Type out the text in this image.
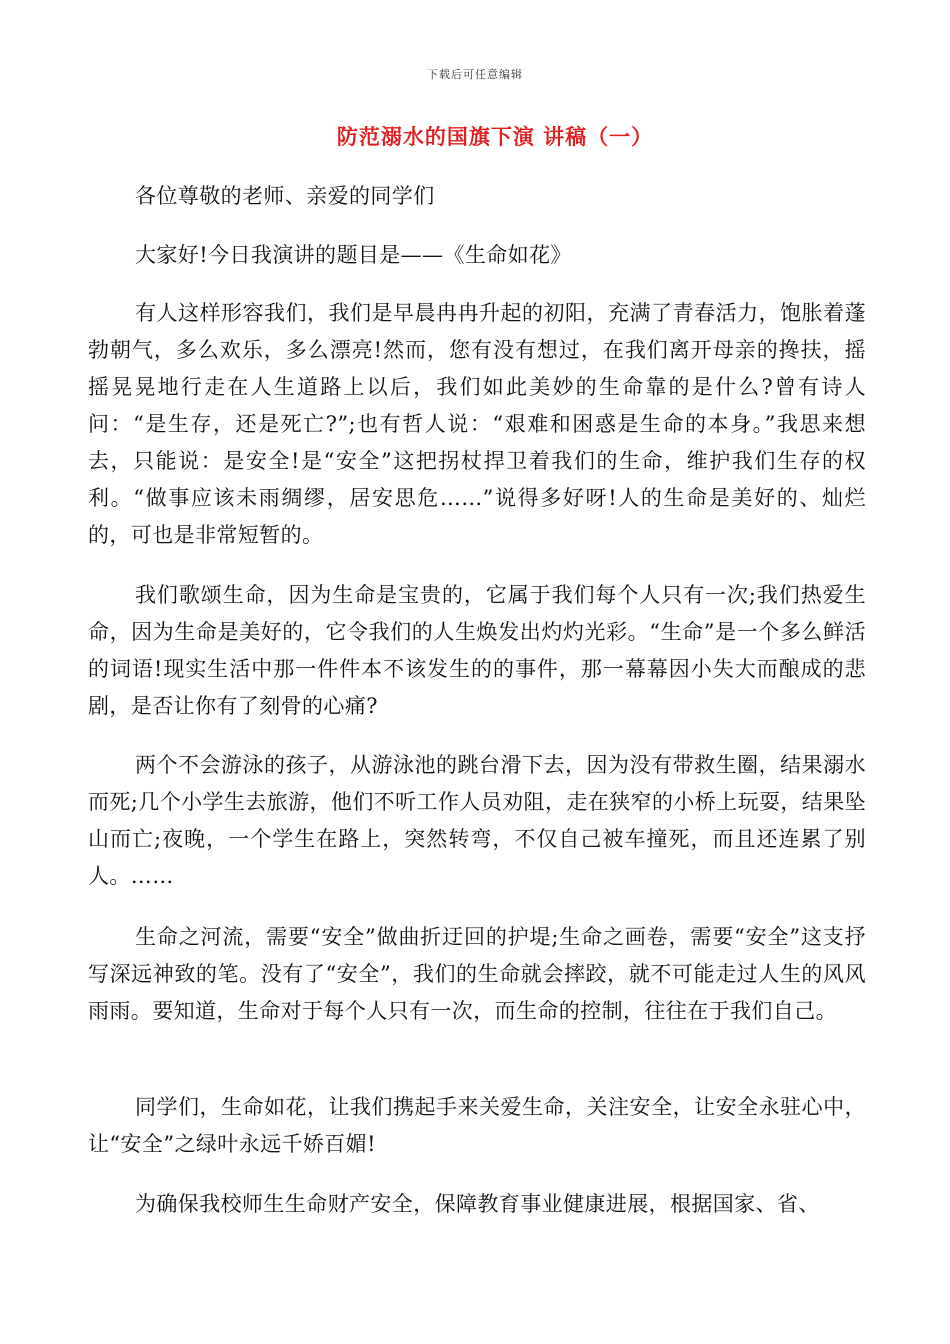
下载后可任意编辑
防范溺水的国旗下演 讲稿（一）

各位尊敬的老师、亲爱的同学们

大家好!今日我演讲的题目是——《生命如花》

有人这样形容我们，我们是早晨冉冉升起的初阳，充满了青春活力，饱胀着蓬勃朝气，多么欢乐，多么漂亮!然而，您有没有想过，在我们离开母亲的搀扶，摇摇晃晃地行走在人生道路上以后，我们如此美妙的生命靠的是什么?曾有诗人问：“是生存，还是死亡?”;也有哲人说：“艰难和困惑是生命的本身。”我思来想去，只能说：是安全!是“安全”这把拐杖捍卫着我们的生命，维护我们生存的权利。“做事应该未雨绸缪，居安思危……”说得多好呀!人的生命是美好的、灿烂的，可也是非常短暂的。

我们歌颂生命，因为生命是宝贵的，它属于我们每个人只有一次;我们热爱生命，因为生命是美好的，它令我们的人生焕发出灼灼光彩。“生命”是一个多么鲜活的词语!现实生活中那一件件本不该发生的的事件，那一幕幕因小失大而酿成的悲剧，是否让你有了刻骨的心痛?

两个不会游泳的孩子，从游泳池的跳台滑下去，因为没有带救生圈，结果溺水而死;几个小学生去旅游，他们不听工作人员劝阻，走在狭窄的小桥上玩耍，结果坠山而亡;夜晚，一个学生在路上，突然转弯，不仅自己被车撞死，而且还连累了别人。……

生命之河流，需要“安全”做曲折迂回的护堤;生命之画卷，需要“安全”这支抒写深远神致的笔。没有了“安全”，我们的生命就会摔跤，就不可能走过人生的风风雨雨。要知道，生命对于每个人只有一次，而生命的控制，往往在于我们自己。

同学们，生命如花，让我们携起手来关爱生命，关注安全，让安全永驻心中，让“安全”之绿叶永远千娇百媚!

为确保我校师生生命财产安全，保障教育事业健康进展，根据国家、省、
